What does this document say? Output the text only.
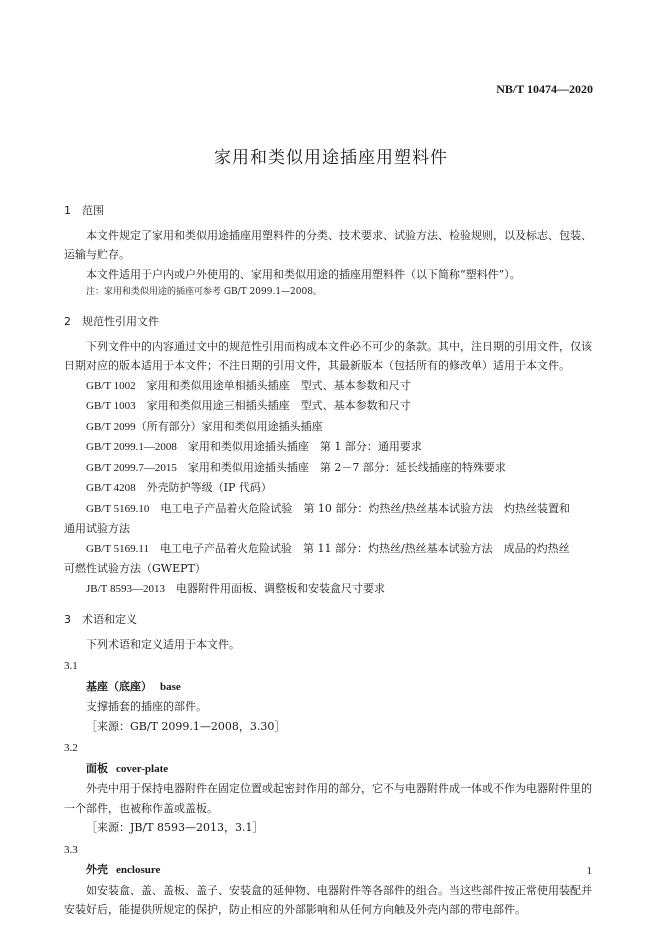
NB/T 10474—2020
家用和类似用途插座用塑料件
1 范围
本文件规定了家用和类似用途插座用塑料件的分类、技术要求、试验方法、检验规则，以及标志、包装、运输与贮存。
本文件适用于户内或户外使用的、家用和类似用途的插座用塑料件（以下简称“塑料件”）。
注：家用和类似用途的插座可参考 GB/T 2099.1—2008。
2 规范性引用文件
下列文件中的内容通过文中的规范性引用而构成本文件必不可少的条款。其中，注日期的引用文件，仅该日期对应的版本适用于本文件；不注日期的引用文件，其最新版本（包括所有的修改单）适用于本文件。
GB/T 1002　 家用和类似用途单相插头插座　型式、基本参数和尺寸
GB/T 1003　 家用和类似用途三相插头插座　型式、基本参数和尺寸
GB/T 2099（所有部分）家用和类似用途插头插座
GB/T 2099.1—2008　 家用和类似用途插头插座　第 1 部分：通用要求
GB/T 2099.7—2015　 家用和类似用途插头插座　第 2－7 部分：延长线插座的特殊要求
GB/T 4208　 外壳防护等级（IP 代码）
GB/T 5169.10　 电工电子产品着火危险试验　第 10 部分：灼热丝/热丝基本试验方法　灼热丝装置和
通用试验方法
GB/T 5169.11　 电工电子产品着火危险试验　第 11 部分：灼热丝/热丝基本试验方法　成品的灼热丝
可燃性试验方法（GWEPT）
JB/T 8593—2013　 电器附件用面板、调整板和安装盒尺寸要求
3 术语和定义
下列术语和定义适用于本文件。
3.1
基座（底座） base
支撑插套的插座的部件。
［来源：GB/T 2099.1—2008，3.30］
3.2
面板 cover-plate
外壳中用于保持电器附件在固定位置或起密封作用的部分，它不与电器附件成一体或不作为电器附件里的一个部件，也被称作盖或盖板。
［来源：JB/T 8593—2013，3.1］
3.3
外壳 enclosure
如安装盒、盖、盖板、盖子、安装盒的延伸物、电器附件等各部件的组合。当这些部件按正常使用装配并安装好后，能提供所规定的保护，防止相应的外部影响和从任何方向触及外壳内部的带电部件。
1
